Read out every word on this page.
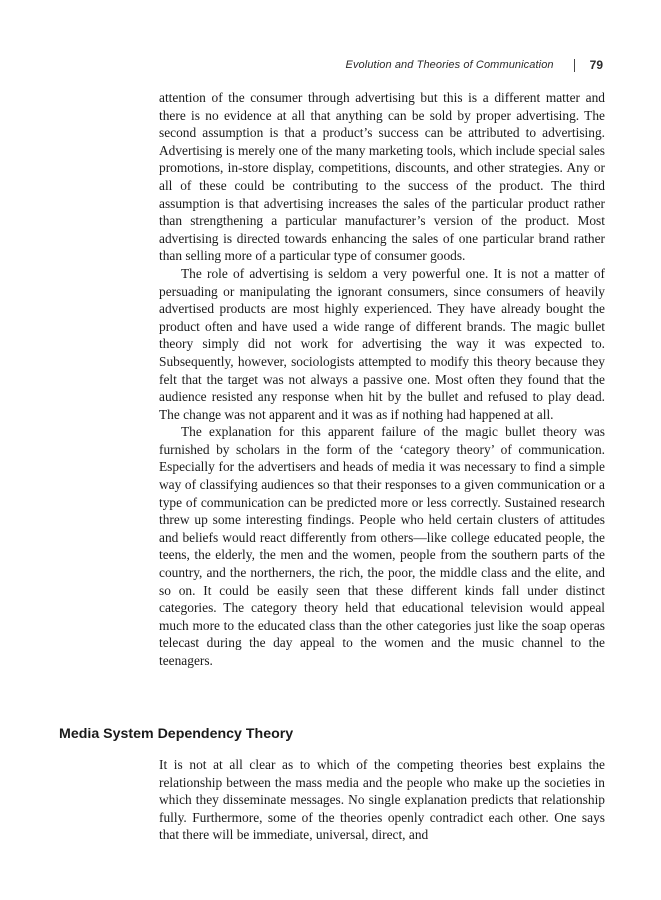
Evolution and Theories of Communication	79

attention of the consumer through advertising but this is a different matter and there is no evidence at all that anything can be sold by proper advertising. The second assumption is that a product’s success can be attributed to advertising. Advertising is merely one of the many marketing tools, which include special sales promotions, in-store display, competitions, discounts, and other strategies. Any or all of these could be contributing to the success of the product. The third assumption is that advertising increases the sales of the particular product rather than strengthening a particular manufacturer’s version of the product. Most advertising is directed towards enhancing the sales of one particular brand rather than selling more of a particular type of consumer goods.

The role of advertising is seldom a very powerful one. It is not a matter of persuading or manipulating the ignorant consumers, since consumers of heavily advertised products are most highly experienced. They have already bought the product often and have used a wide range of different brands. The magic bullet theory simply did not work for advertising the way it was expected to. Subsequently, however, sociologists attempted to modify this theory because they felt that the target was not always a passive one. Most often they found that the audience resisted any response when hit by the bullet and refused to play dead. The change was not apparent and it was as if nothing had happened at all.

The explanation for this apparent failure of the magic bullet theory was furnished by scholars in the form of the ‘category theory’ of communication. Especially for the advertisers and heads of media it was necessary to find a simple way of classifying audiences so that their responses to a given communication or a type of communication can be predicted more or less correctly. Sustained research threw up some interesting findings. People who held certain clusters of attitudes and beliefs would react differently from others—like college educated people, the teens, the elderly, the men and the women, people from the southern parts of the country, and the northerners, the rich, the poor, the middle class and the elite, and so on. It could be easily seen that these different kinds fall under distinct categories. The category theory held that educational television would appeal much more to the educated class than the other categories just like the soap operas telecast during the day appeal to the women and the music channel to the teenagers.

Media System Dependency Theory

It is not at all clear as to which of the competing theories best explains the relationship between the mass media and the people who make up the societies in which they disseminate messages. No single explanation predicts that relationship fully. Furthermore, some of the theories openly contradict each other. One says that there will be immediate, universal, direct, and
